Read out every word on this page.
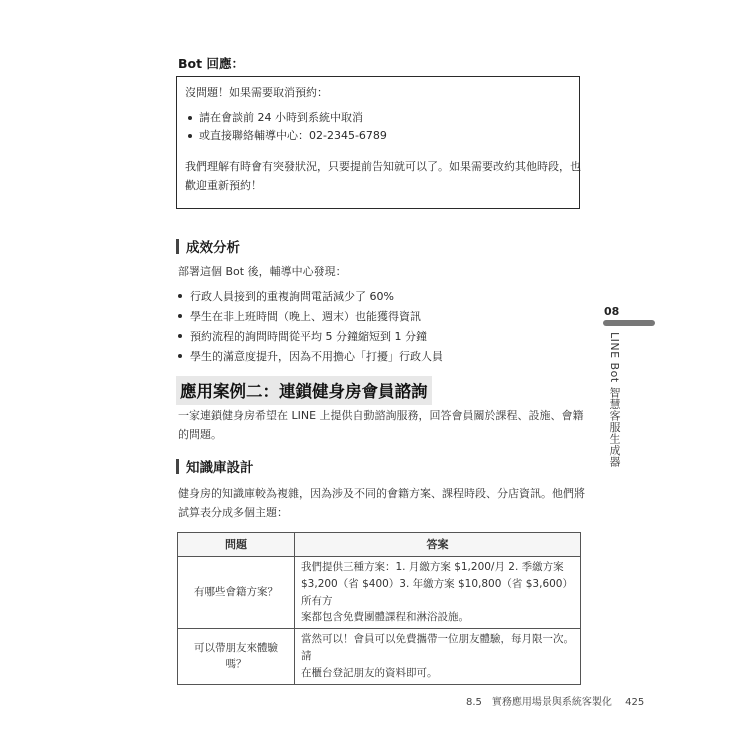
Bot 回應：
沒問題！如果需要取消預約：
請在會談前 24 小時到系統中取消
或直接聯絡輔導中心：02-2345-6789
我們理解有時會有突發狀況，只要提前告知就可以了。如果需要改約其他時段，也
歡迎重新預約！
成效分析
部署這個 Bot 後，輔導中心發現：
行政人員接到的重複詢問電話減少了 60%
學生在非上班時間（晚上、週末）也能獲得資訊
預約流程的詢問時間從平均 5 分鐘縮短到 1 分鐘
學生的滿意度提升，因為不用擔心「打擾」行政人員
應用案例二：連鎖健身房會員諮詢
一家連鎖健身房希望在 LINE 上提供自動諮詢服務，回答會員關於課程、設施、會籍
的問題。
知識庫設計
健身房的知識庫較為複雜，因為涉及不同的會籍方案、課程時段、分店資訊。他們將
試算表分成多個主題：
問題	答案
有哪些會籍方案？	我們提供三種方案：1. 月繳方案 $1,200/月 2. 季繳方案
$3,200（省 $400）3. 年繳方案 $10,800（省 $3,600）所有方
案都包含免費團體課程和淋浴設施。

可以帶朋友來體驗嗎？	當然可以！會員可以免費攜帶一位朋友體驗，每月限一次。請
在櫃台登記朋友的資料即可。
08
LINE Bot 智慧客服生成器
8.5　實務應用場景與系統客製化 425
